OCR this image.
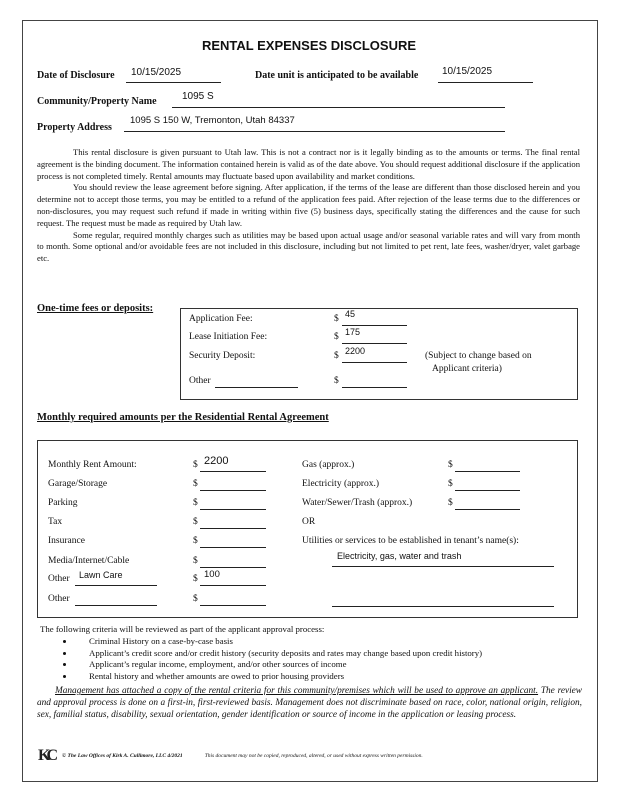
RENTAL EXPENSES DISCLOSURE
Date of Disclosure 10/15/2025	Date unit is anticipated to be available 10/15/2025
Community/Property Name	1095 S
Property Address
1095 S 150 W, Tremonton, Utah 84337

This rental disclosure is given pursuant to Utah law. This is not a contract nor is it legally binding as to the amounts or terms. The final rental agreement is the binding document. The information contained herein is valid as of the date above. You should request additional disclosure if the application process is not completed timely. Rental amounts may fluctuate based upon availability and market conditions.

You should review the lease agreement before signing. After application, if the terms of the lease are different than those disclosed herein and you determine not to accept those terms, you may be entitled to a refund of the application fees paid. After rejection of the lease terms due to the differences or non-disclosures, you may request such refund if made in writing within five (5) business days, specifically stating the differences and the cause for such request. The request must be made as required by Utah law.

Some regular, required monthly charges such as utilities may be based upon actual usage and/or seasonal variable rates and will vary from month to month. Some optional and/or avoidable fees are not included in this disclosure, including but not limited to pet rent, late fees, washer/dryer, valet garbage etc.

One-time fees or deposits:
Application Fee:	$ 45
Lease Initiation Fee:	$ 175
Security Deposit:	$ 2200
Other	$
(Subject to change based on
Applicant criteria)
Monthly required amounts per the Residential Rental Agreement
Monthly Rent Amount:	$ 2200
Garage/Storage	$
Parking	$
Tax	$
Insurance	$
Media/Internet/Cable	$
Other Lawn Care	$ 100
Other	$
Gas (approx.)	$
Electricity (approx.)	$
Water/Sewer/Trash (approx.)	$
OR
Utilities or services to be established in tenant’s name(s):
Electricity, gas, water and trash
The following criteria will be reviewed as part of the applicant approval process:
• Criminal History on a case-by-case basis
• Applicant’s credit score and/or credit history (security deposits and rates may change based upon credit history)
• Applicant’s regular income, employment, and/or other sources of income
• Rental history and whether amounts are owed to prior housing providers
Management has attached a copy of the rental criteria for this community/premises which will be used to approve an applicant. The review and approval process is done on a first-in, first-reviewed basis. Management does not discriminate based on race, color, national origin, religion, sex, familial status, disability, sexual orientation, gender identification or source of income in the application or leasing process.
KC © The Law Offices of Kirk A. Cullimore, LLC 4/2021	This document may not be copied, reproduced, altered, or used without express written permission.
